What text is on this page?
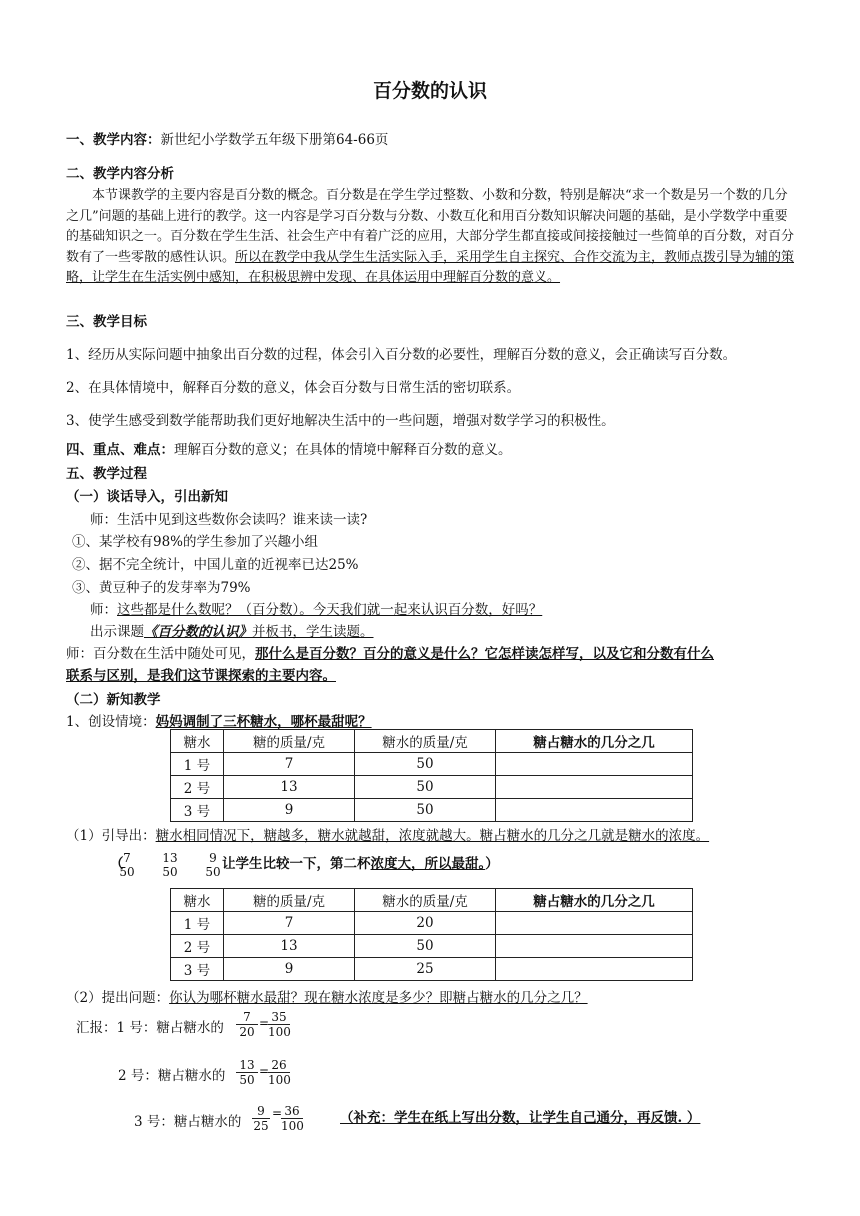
百分数的认识
一、教学内容：新世纪小学数学五年级下册第64-66页
二、教学内容分析
本节课教学的主要内容是百分数的概念。百分数是在学生学过整数、小数和分数，特别是解决“求一个数是另一个数的几分之几”问题的基础上进行的教学。这一内容是学习百分数与分数、小数互化和用百分数知识解决问题的基础，是小学数学中重要的基础知识之一。百分数在学生生活、社会生产中有着广泛的应用，大部分学生都直接或间接接触过一些简单的百分数，对百分数有了一些零散的感性认识。所以在教学中我从学生生活实际入手，采用学生自主探究、合作交流为主，教师点拨引导为辅的策略，让学生在生活实例中感知，在积极思辨中发现、在具体运用中理解百分数的意义。
三、教学目标
1、经历从实际问题中抽象出百分数的过程，体会引入百分数的必要性，理解百分数的意义，会正确读写百分数。
2、在具体情境中，解释百分数的意义，体会百分数与日常生活的密切联系。
3、使学生感受到数学能帮助我们更好地解决生活中的一些问题，增强对数学学习的积极性。
四、重点、难点：理解百分数的意义；在具体的情境中解释百分数的意义。
五、教学过程
（一）谈话导入，引出新知
师：生活中见到这些数你会读吗？谁来读一读?
①、某学校有98%的学生参加了兴趣小组
②、据不完全统计，中国儿童的近视率已达25%
③、黄豆种子的发芽率为79%
师：这些都是什么数呢？（百分数）。今天我们就一起来认识百分数，好吗？
出示课题《百分数的认识》并板书，学生读题。
师：百分数在生活中随处可见，那什么是百分数？百分的意义是什么？它怎样读怎样写，以及它和分数有什么
联系与区别，是我们这节课探索的主要内容。
（二）新知教学
1、创设情境：妈妈调制了三杯糖水，哪杯最甜呢？
糖水	糖的质量/克	糖水的质量/克	糖占糖水的几分之几
1 号	7	50	
2 号	13	50	
3 号	9	50	
（1）引导出：糖水相同情况下，糖越多，糖水就越甜，浓度就越大。糖占糖水的几分之几就是糖水的浓度。
（ 7
50
13
50
9
50 让学生比较一下，第二杯浓度大，所以最甜。）
糖水	糖的质量/克	糖水的质量/克	糖占糖水的几分之几
1 号	7	20	
2 号	13	50	
3 号	9	25	
（2）提出问题：你认为哪杯糖水最甜？现在糖水浓度是多少？即糖占糖水的几分之几？
汇报：1 号：糖占糖水的 $\frac{7}{20}$ =
$\frac{35}{100}$
2 号：糖占糖水的 $\frac{13}{50}$ =
$\frac{26}{100}$
3 号：糖占糖水的 $\frac{9}{25}$ =
$\frac{36}{100}$	（补充：学生在纸上写出分数，让学生自己通分，再反馈. ）
